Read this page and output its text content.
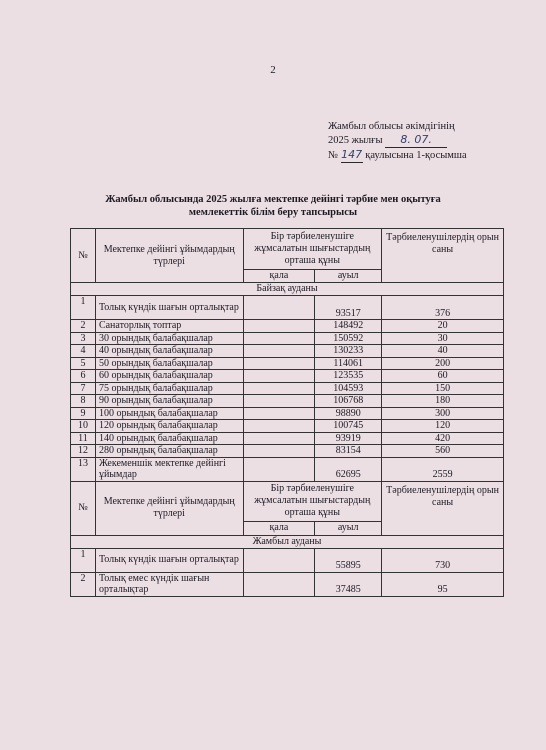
2
Жамбыл облысы әкімдігінің
2025 жылғы 8. 07.
№ 147 қаулысына 1-қосымша
Жамбыл облысында 2025 жылға мектепке дейінгі тәрбие мен оқытуға
мемлекеттік білім беру тапсырысы
№	Мектепке дейінгі ұйымдардың түрлері	Бір тәрбиеленушіге жұмсалатын шығыстардың орташа құны		Тәрбиеленушілердің орын саны
		қала	ауыл	
Байзақ ауданы				
1	Толық күндік шағын орталықтар		93517	376
2	Санаторлық топтар		148492	20
3	30 орындық балабақшалар		150592	30
4	40 орындық балабақшалар		130233	40
5	50 орындық балабақшалар		114061	200
6	60 орындық балабақшалар		123535	60
7	75 орындық балабақшалар		104593	150
8	90 орындық балабақшалар		106768	180
9	100 орындық балабақшалар		98890	300
10	120 орындық балабақшалар		100745	120
11	140 орындық балабақшалар		93919	420
12	280 орындық балабақшалар		83154	560
13	Жекеменшік мектепке дейінгі ұйымдар		62695	2559
№	Мектепке дейінгі ұйымдардың түрлері	Бір тәрбиеленушіге жұмсалатын шығыстардың орташа құны		Тәрбиеленушілердің орын саны
		қала	ауыл	
Жамбыл ауданы				
1	Толық күндік шағын орталықтар		55895	730
2	Толық емес күндік шағын орталықтар		37485	95
